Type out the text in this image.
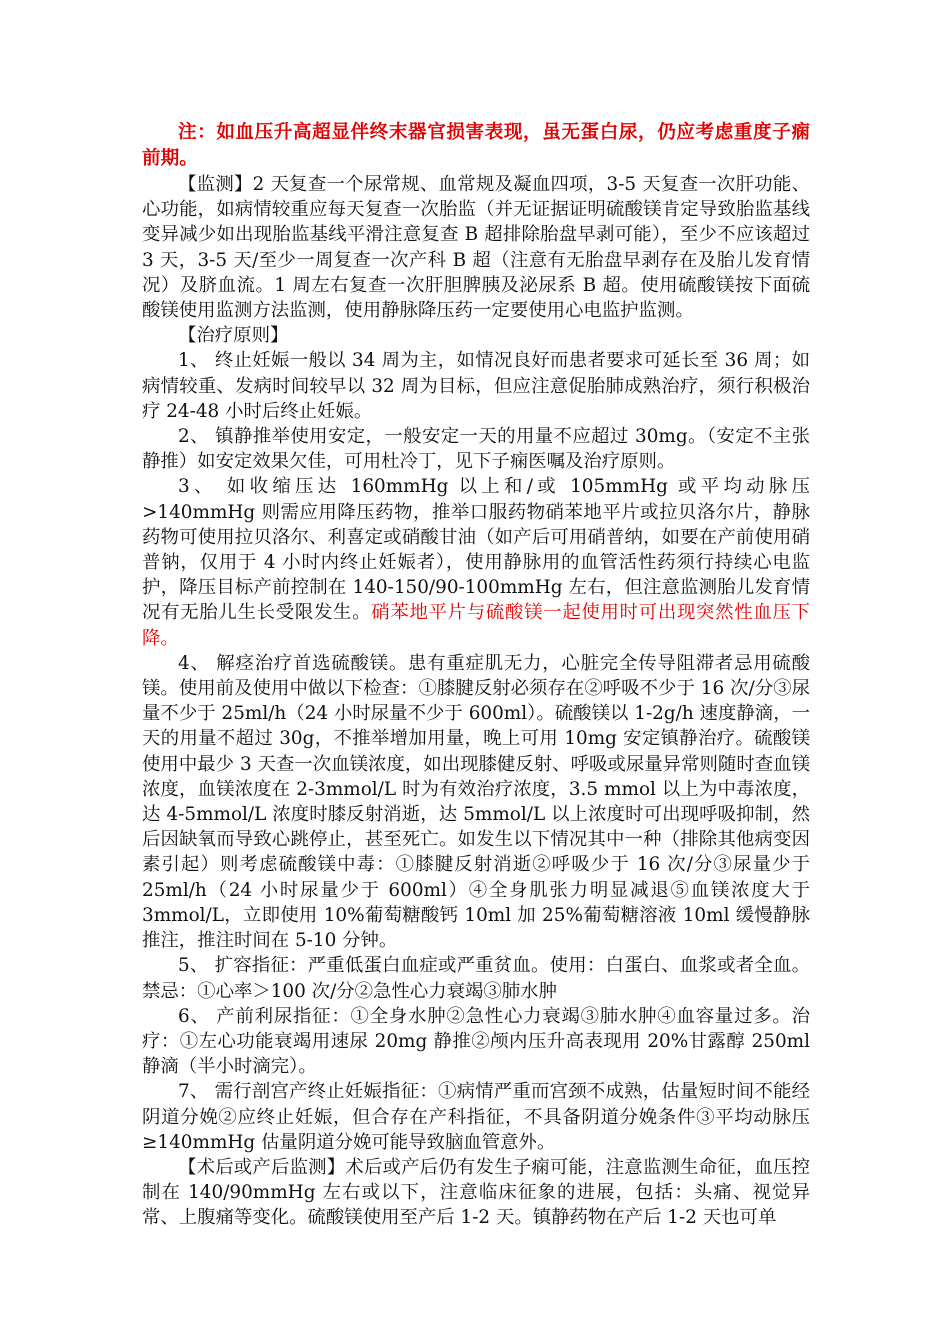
注：如血压升高超显伴终末器官损害表现，虽无蛋白尿，仍应考虑重度子痫前期。

【监测】2 天复查一个尿常规、血常规及凝血四项，3-5 天复查一次肝功能、心功能，如病情较重应每天复查一次胎监（并无证据证明硫酸镁肯定导致胎监基线变异减少如出现胎监基线平滑注意复查 B 超排除胎盘早剥可能），至少不应该超过 3 天，3-5 天/至少一周复查一次产科 B 超（注意有无胎盘早剥存在及胎儿发育情况）及脐血流。1 周左右复查一次肝胆脾胰及泌尿系 B 超。使用硫酸镁按下面硫酸镁使用监测方法监测，使用静脉降压药一定要使用心电监护监测。

【治疗原则】

1、 终止妊娠一般以 34 周为主，如情况良好而患者要求可延长至 36 周；如病情较重、发病时间较早以 32 周为目标，但应注意促胎肺成熟治疗，须行积极治疗 24-48 小时后终止妊娠。

2、 镇静推举使用安定，一般安定一天的用量不应超过 30mg。（安定不主张静推）如安定效果欠佳，可用杜冷丁，见下子痫医嘱及治疗原则。

3、 如收缩压达 160mmHg 以上和/或 105mmHg 或平均动脉压>140mmHg 则需应用降压药物，推举口服药物硝苯地平片或拉贝洛尔片，静脉药物可使用拉贝洛尔、利喜定或硝酸甘油（如产后可用硝普纳，如要在产前使用硝普钠，仅用于 4 小时内终止妊娠者），使用静脉用的血管活性药须行持续心电监护，降压目标产前控制在 140-150/90-100mmHg 左右，但注意监测胎儿发育情况有无胎儿生长受限发生。硝苯地平片与硫酸镁一起使用时可出现突然性血压下降。

4、 解痉治疗首选硫酸镁。患有重症肌无力，心脏完全传导阻滞者忌用硫酸镁。使用前及使用中做以下检查：①膝腱反射必须存在②呼吸不少于 16 次/分③尿量不少于 25ml/h（24 小时尿量不少于 600ml）。硫酸镁以 1-2g/h 速度静滴，一天的用量不超过 30g，不推举增加用量，晚上可用 10mg 安定镇静治疗。硫酸镁使用中最少 3 天查一次血镁浓度，如出现膝健反射、呼吸或尿量异常则随时查血镁浓度，血镁浓度在 2-3mmol/L 时为有效治疗浓度，3.5 mmol 以上为中毒浓度，达 4-5mmol/L 浓度时膝反射消逝，达 5mmol/L 以上浓度时可出现呼吸抑制，然后因缺氧而导致心跳停止，甚至死亡。如发生以下情况其中一种（排除其他病变因素引起）则考虑硫酸镁中毒：①膝腱反射消逝②呼吸少于 16 次/分③尿量少于 25ml/h（24 小时尿量少于 600ml）④全身肌张力明显减退⑤血镁浓度大于 3mmol/L，立即使用 10%葡萄糖酸钙 10ml 加 25%葡萄糖溶液 10ml 缓慢静脉推注，推注时间在 5-10 分钟。

5、 扩容指征：严重低蛋白血症或严重贫血。使用：白蛋白、血浆或者全血。禁忌：①心率＞100 次/分②急性心力衰竭③肺水肿

6、 产前利尿指征：①全身水肿②急性心力衰竭③肺水肿④血容量过多。治疗：①左心功能衰竭用速尿 20mg 静推②颅内压升高表现用 20%甘露醇 250ml 静滴（半小时滴完）。

7、 需行剖宫产终止妊娠指征：①病情严重而宫颈不成熟，估量短时间不能经阴道分娩②应终止妊娠，但合存在产科指征，不具备阴道分娩条件③平均动脉压≥140mmHg 估量阴道分娩可能导致脑血管意外。

【术后或产后监测】术后或产后仍有发生子痫可能，注意监测生命征，血压控制在 140/90mmHg 左右或以下，注意临床征象的进展，包括：头痛、视觉异常、上腹痛等变化。硫酸镁使用至产后 1-2 天。镇静药物在产后 1-2 天也可单
